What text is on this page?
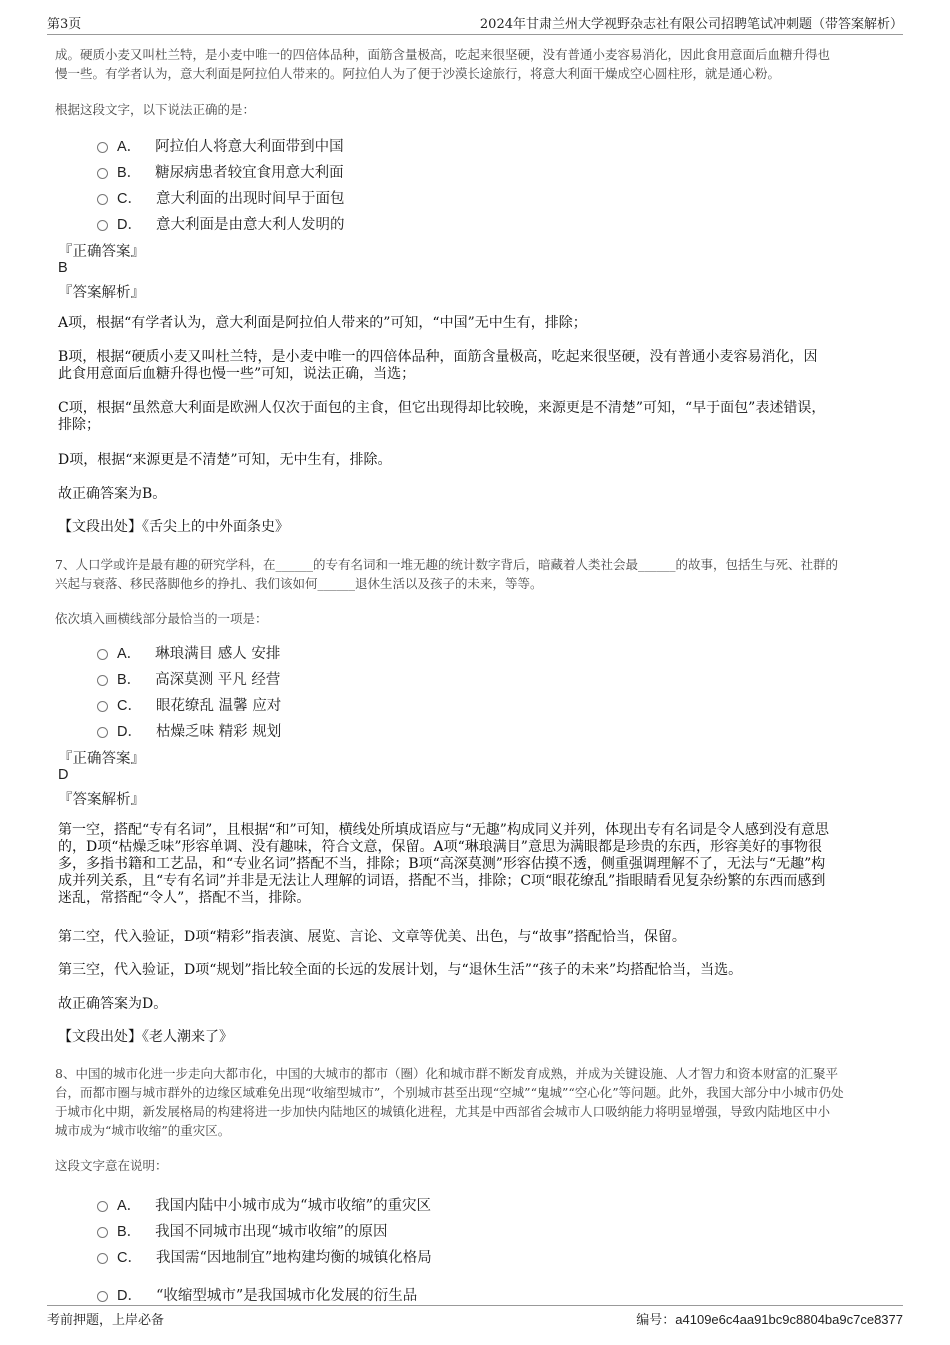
第3页	2024年甘肃兰州大学视野杂志社有限公司招聘笔试冲刺题（带答案解析）
成。硬质小麦又叫杜兰特，是小麦中唯一的四倍体品种，面筋含量极高，吃起来很坚硬，没有普通小麦容易消化，因此食用意面后血糖升得也
慢一些。有学者认为，意大利面是阿拉伯人带来的。阿拉伯人为了便于沙漠长途旅行，将意大利面干燥成空心圆柱形，就是通心粉。
根据这段文字，以下说法正确的是：
A． 阿拉伯人将意大利面带到中国
B． 糖尿病患者较宜食用意大利面
C． 意大利面的出现时间早于面包
D． 意大利面是由意大利人发明的
『正确答案』
B
『答案解析』
A项，根据“有学者认为，意大利面是阿拉伯人带来的”可知，“中国”无中生有，排除；
B项，根据“硬质小麦又叫杜兰特，是小麦中唯一的四倍体品种，面筋含量极高，吃起来很坚硬，没有普通小麦容易消化，因
此食用意面后血糖升得也慢一些”可知，说法正确，当选；
C项，根据“虽然意大利面是欧洲人仅次于面包的主食，但它出现得却比较晚，来源更是不清楚”可知，“早于面包”表述错误，
排除；
D项，根据“来源更是不清楚”可知，无中生有，排除。
故正确答案为B。
【文段出处】《舌尖上的中外面条史》
7、人口学或许是最有趣的研究学科，在______的专有名词和一堆无趣的统计数字背后，暗藏着人类社会最______的故事，包括生与死、社群的
兴起与衰落、移民落脚他乡的挣扎、我们该如何______退休生活以及孩子的未来，等等。
依次填入画横线部分最恰当的一项是：
A． 琳琅满目 感人 安排
B． 高深莫测 平凡 经营
C． 眼花缭乱 温馨 应对
D． 枯燥乏味 精彩 规划
『正确答案』
D
『答案解析』
第一空，搭配“专有名词”，且根据“和”可知，横线处所填成语应与“无趣”构成同义并列，体现出专有名词是令人感到没有意思
的，D项“枯燥乏味”形容单调、没有趣味，符合文意，保留。A项“琳琅满目”意思为满眼都是珍贵的东西，形容美好的事物很
多，多指书籍和工艺品，和“专业名词”搭配不当，排除；B项“高深莫测”形容估摸不透，侧重强调理解不了，无法与“无趣”构
成并列关系，且“专有名词”并非是无法让人理解的词语，搭配不当，排除；C项“眼花缭乱”指眼睛看见复杂纷繁的东西而感到
迷乱，常搭配“令人”，搭配不当，排除。
第二空，代入验证，D项“精彩”指表演、展览、言论、文章等优美、出色，与“故事”搭配恰当，保留。
第三空，代入验证，D项“规划”指比较全面的长远的发展计划，与“退休生活”“孩子的未来”均搭配恰当，当选。
故正确答案为D。
【文段出处】《老人潮来了》
8、中国的城市化进一步走向大都市化，中国的大城市的都市（圈）化和城市群不断发育成熟，并成为关键设施、人才智力和资本财富的汇聚平
台，而都市圈与城市群外的边缘区域难免出现“收缩型城市”，个别城市甚至出现“空城”“鬼城”“空心化”等问题。此外，我国大部分中小城市仍处
于城市化中期，新发展格局的构建将进一步加快内陆地区的城镇化进程，尤其是中西部省会城市人口吸纳能力将明显增强，导致内陆地区中小
城市成为“城市收缩”的重灾区。
这段文字意在说明：
A． 我国内陆中小城市成为“城市收缩”的重灾区
B． 我国不同城市出现“城市收缩”的原因
C． 我国需“因地制宜”地构建均衡的城镇化格局
D． “收缩型城市”是我国城市化发展的衍生品
考前押题，上岸必备	编号：a4109e6c4aa91bc9c8804ba9c7ce8377
